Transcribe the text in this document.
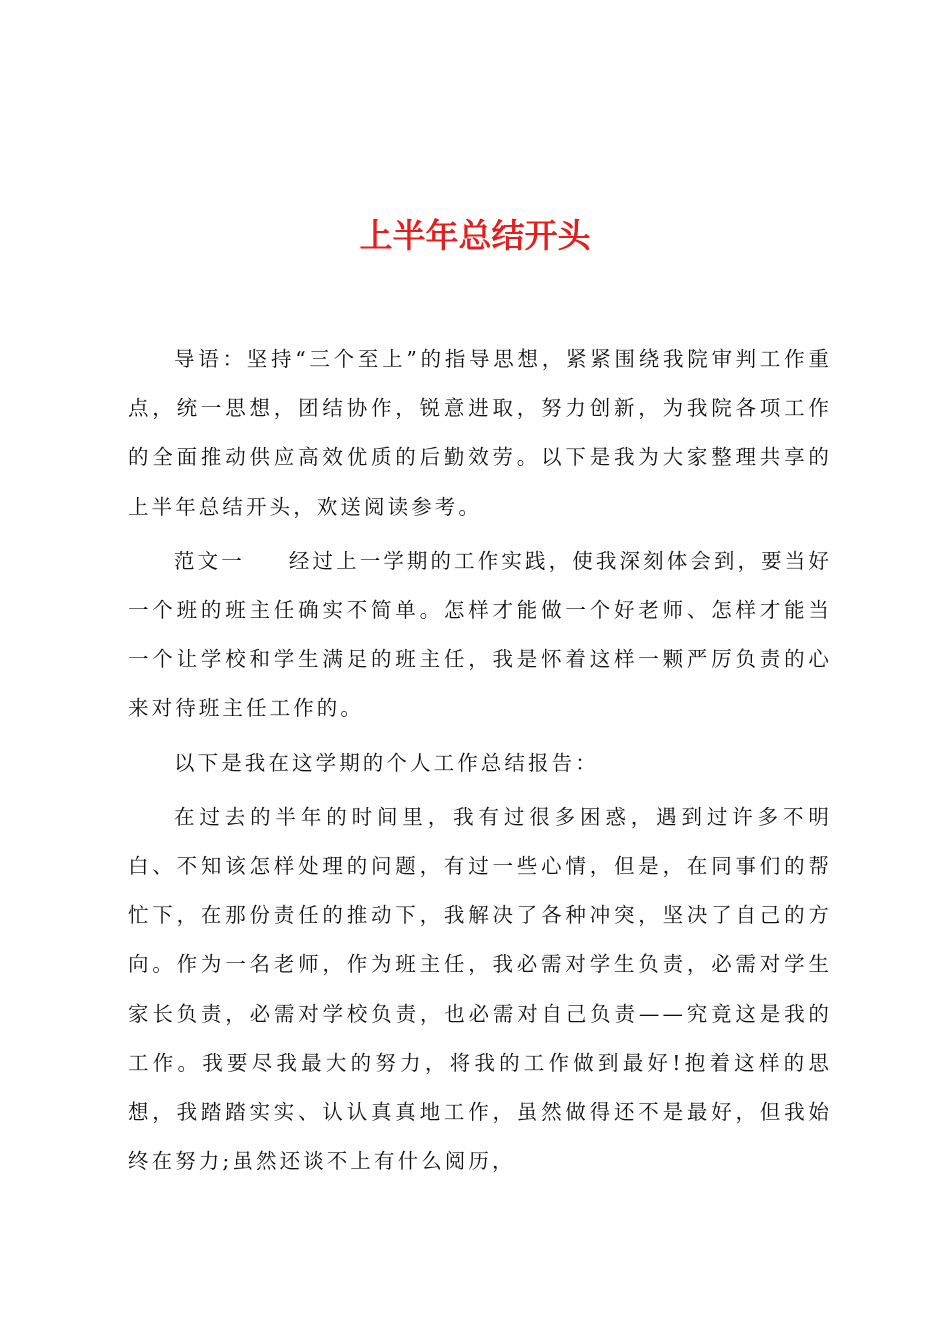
上半年总结开头

导语：坚持“三个至上”的指导思想，紧紧围绕我院审判工作重点，统一思想，团结协作，锐意进取，努力创新，为我院各项工作的全面推动供应高效优质的后勤效劳。以下是我为大家整理共享的上半年总结开头，欢送阅读参考。

范文一 经过上一学期的工作实践，使我深刻体会到，要当好一个班的班主任确实不简单。怎样才能做一个好老师、怎样才能当一个让学校和学生满足的班主任，我是怀着这样一颗严厉负责的心来对待班主任工作的。

以下是我在这学期的个人工作总结报告：

在过去的半年的时间里，我有过很多困惑，遇到过许多不明白、不知该怎样处理的问题，有过一些心情，但是，在同事们的帮忙下，在那份责任的推动下，我解决了各种冲突，坚决了自己的方向。作为一名老师，作为班主任，我必需对学生负责，必需对学生家长负责，必需对学校负责，也必需对自己负责——究竟这是我的工作。我要尽我最大的努力，将我的工作做到最好!抱着这样的思想，我踏踏实实、认认真真地工作，虽然做得还不是最好，但我始终在努力;虽然还谈不上有什么阅历，
